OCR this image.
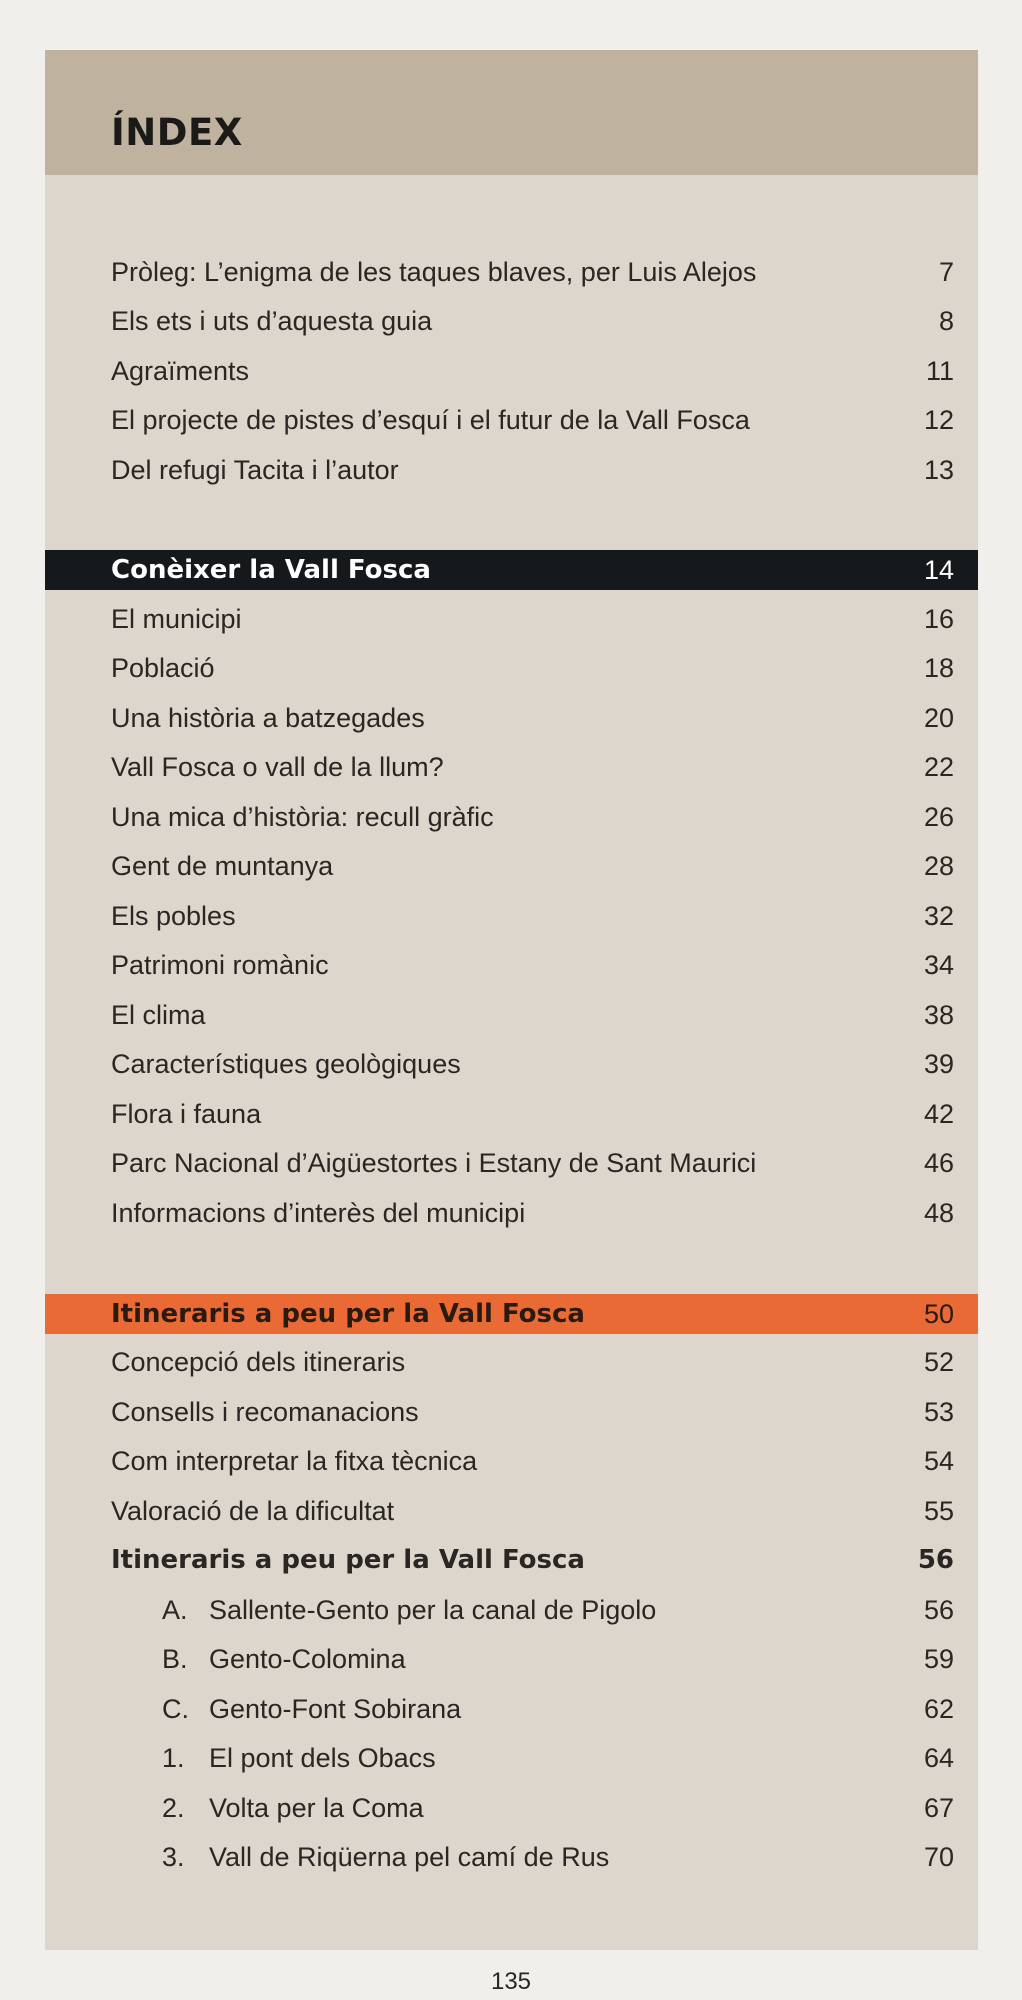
ÍNDEX
Pròleg: L’enigma de les taques blaves, per Luis Alejos	7
Els ets i uts d’aquesta guia	8
Agraïments	11
El projecte de pistes d’esquí i el futur de la Vall Fosca	12
Del refugi Tacita i l’autor	13
Conèixer la Vall Fosca	14
El municipi	16
Població	18
Una història a batzegades	20
Vall Fosca o vall de la llum?	22
Una mica d’història: recull gràfic	26
Gent de muntanya	28
Els pobles	32
Patrimoni romànic	34
El clima	38
Característiques geològiques	39
Flora i fauna	42
Parc Nacional d’Aigüestortes i Estany de Sant Maurici	46
Informacions d’interès del municipi	48
Itineraris a peu per la Vall Fosca	50
Concepció dels itineraris	52
Consells i recomanacions	53
Com interpretar la fitxa tècnica	54
Valoració de la dificultat	55
Itineraris a peu per la Vall Fosca	56
A. Sallente-Gento per la canal de Pigolo	56
B. Gento-Colomina	59
C. Gento-Font Sobirana	62
1. El pont dels Obacs	64
2. Volta per la Coma	67
3. Vall de Riqüerna pel camí de Rus	70
135
